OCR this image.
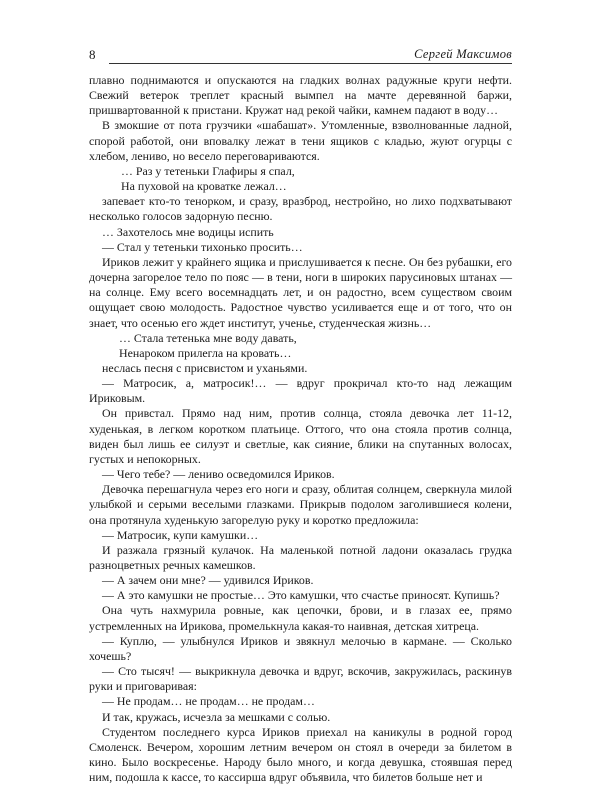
8	Сергей Максимов

плавно поднимаются и опускаются на гладких волнах радужные круги нефти. Свежий ветерок треплет красный вымпел на мачте деревянной баржи, пришвартованной к пристани. Кружат над рекой чайки, камнем падают в воду…

В змокшие от пота грузчики «шабашат». Утомленные, взволнованные ладной, спорой работой, они вповалку лежат в тени ящиков с кладью, жуют огурцы с хлебом, лениво, но весело переговариваются.

… Раз у тетеньки Глафиры я спал,

На пуховой на кроватке лежал…

запевает кто-то тенорком, и сразу, вразброд, нестройно, но лихо подхватывают несколько голосов задорную песню.

… Захотелось мне водицы испить

— Стал у тетеньки тихонько просить…

Ириков лежит у крайнего ящика и прислушивается к песне. Он без рубашки, его дочерна загорелое тело по пояс — в тени, ноги в широких парусиновых штанах — на солнце. Ему всего восемнадцать лет, и он радостно, всем существом своим ощущает свою молодость. Радостное чувство усиливается еще и от того, что он знает, что осенью его ждет институт, ученье, студенческая жизнь…

… Стала тетенька мне воду давать,

Ненароком прилегла на кровать…

неслась песня с присвистом и уханьями.

— Матросик, а, матросик!… — вдруг прокричал кто-то над лежащим Ириковым.

Он привстал. Прямо над ним, против солнца, стояла девочка лет 11-12, худенькая, в легком коротком платьице. Оттого, что она стояла против солнца, виден был лишь ее силуэт и светлые, как сияние, блики на спутанных волосах, густых и непокорных.

— Чего тебе? — лениво осведомился Ириков.

Девочка перешагнула через его ноги и сразу, облитая солнцем, сверкнула милой улыбкой и серыми веселыми глазками. Прикрыв подолом заголившиеся колени, она протянула худенькую загорелую руку и коротко предложила:

— Матросик, купи камушки…

И разжала грязный кулачок. На маленькой потной ладони оказалась грудка разноцветных речных камешков.

— А зачем они мне? — удивился Ириков.

— А это камушки не простые… Это камушки, что счастье приносят. Купишь?

Она чуть нахмурила ровные, как цепочки, брови, и в глазах ее, прямо устремленных на Ирикова, промелькнула какая-то наивная, детская хитреца.

— Куплю, — улыбнулся Ириков и звякнул мелочью в кармане. — Сколько хочешь?

— Сто тысяч! — выкрикнула девочка и вдруг, вскочив, закружилась, раскинув руки и приговаривая:

— Не продам… не продам… не продам…

И так, кружась, исчезла за мешками с солью.

Студентом последнего курса Ириков приехал на каникулы в родной город Смоленск. Вечером, хорошим летним вечером он стоял в очереди за билетом в кино. Было воскресенье. Народу было много, и когда девушка, стоявшая перед ним, подошла к кассе, то кассирша вдруг объявила, что билетов больше нет и
